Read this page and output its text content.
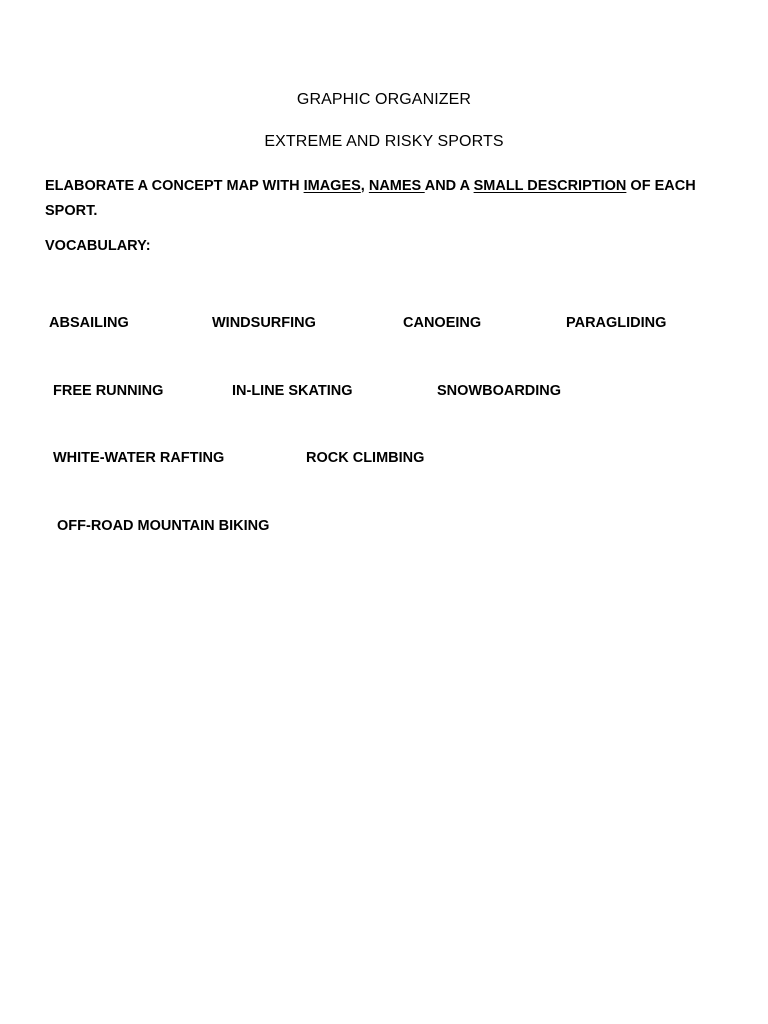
GRAPHIC ORGANIZER
EXTREME AND RISKY SPORTS
ELABORATE A CONCEPT MAP WITH IMAGES, NAMES AND A SMALL DESCRIPTION OF EACH SPORT.
VOCABULARY:
ABSAILING	WINDSURFING	CANOEING	PARAGLIDING
FREE RUNNING	IN-LINE SKATING	SNOWBOARDING
WHITE-WATER RAFTING	ROCK CLIMBING
OFF-ROAD MOUNTAIN BIKING
